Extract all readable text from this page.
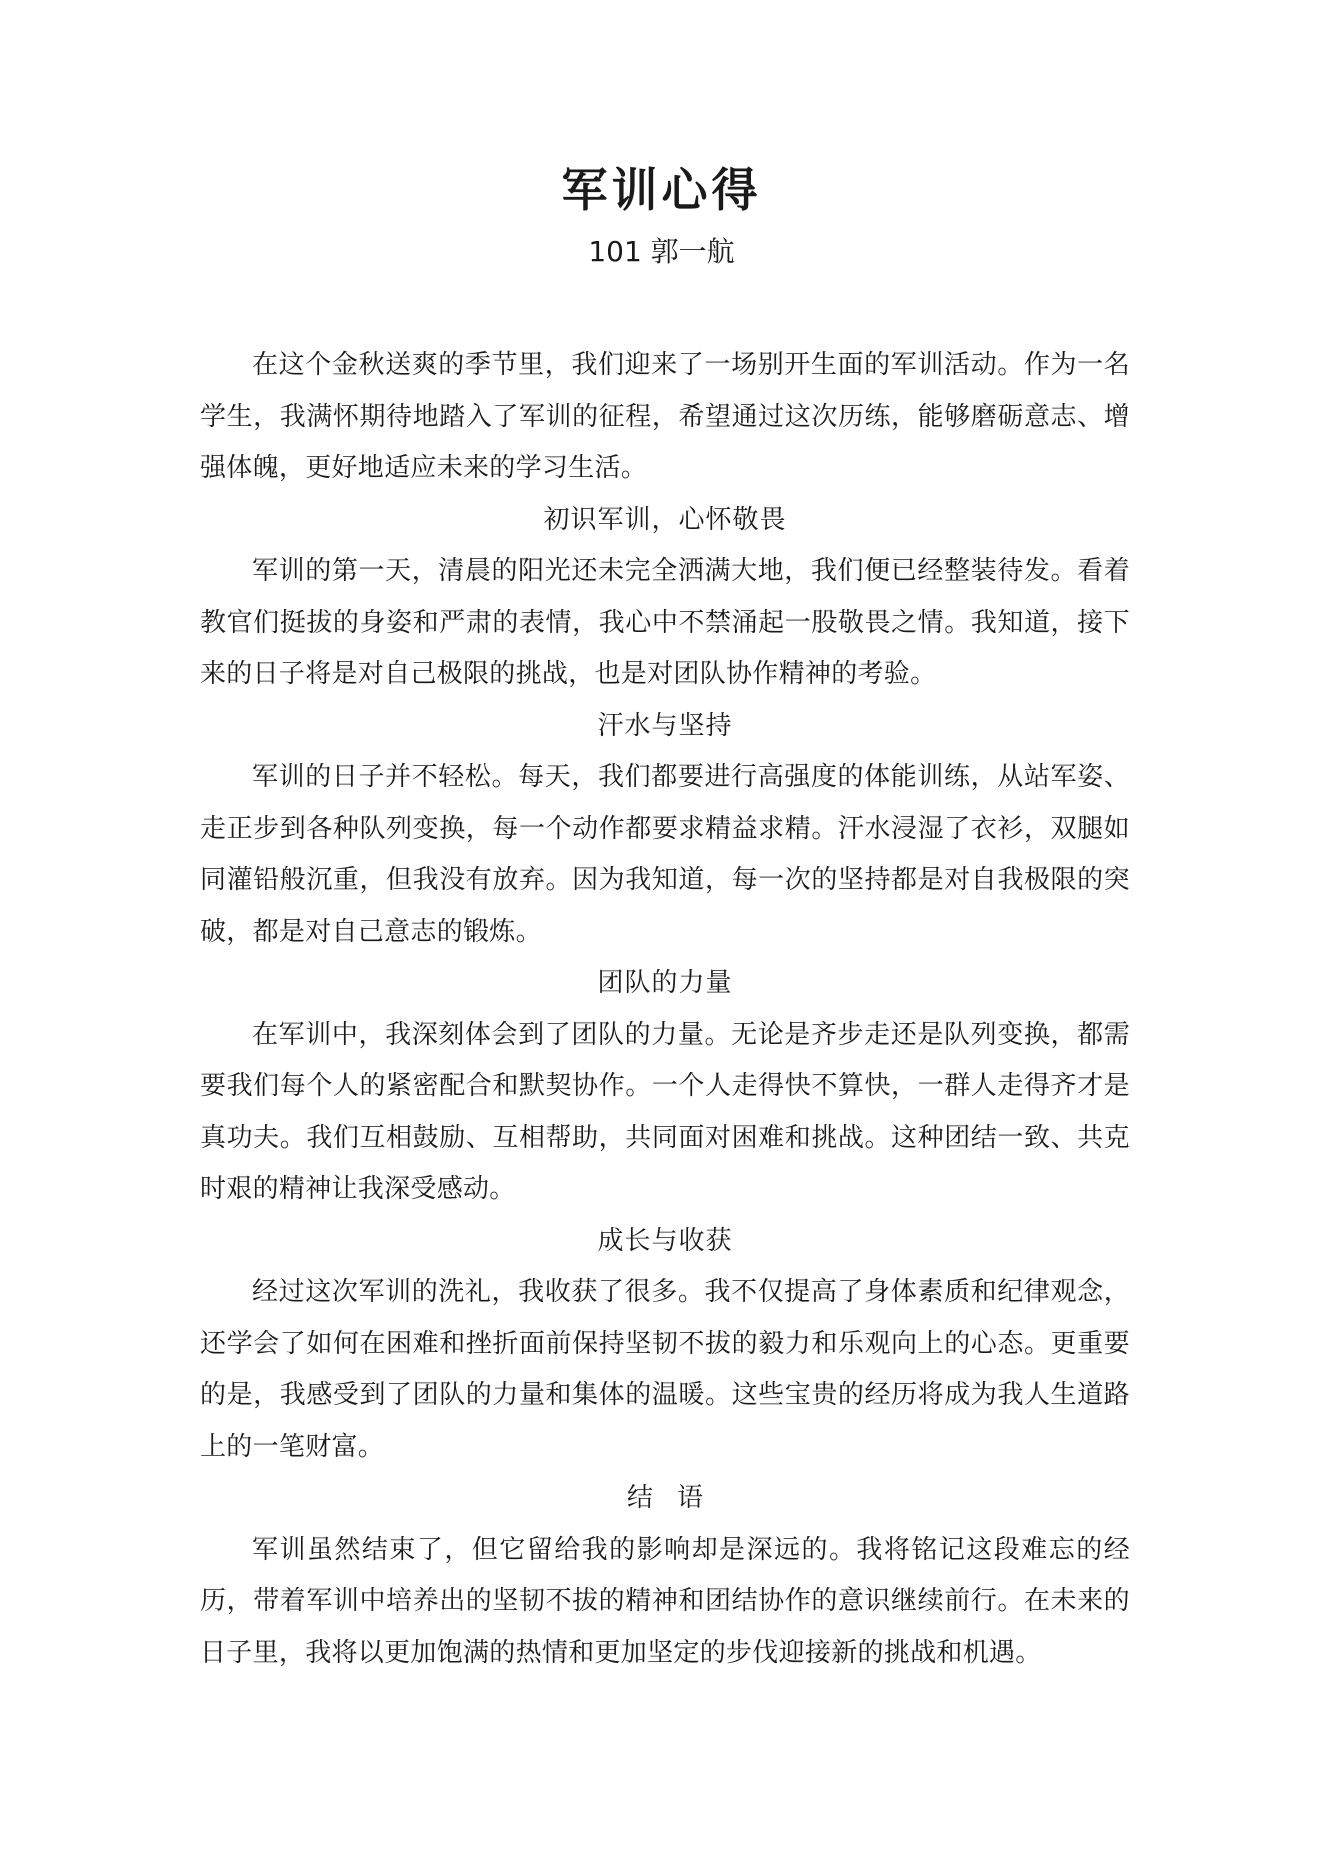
军训心得

101 郭一航

在这个金秋送爽的季节里，我们迎来了一场别开生面的军训活动。作为一名学生，我满怀期待地踏入了军训的征程，希望通过这次历练，能够磨砺意志、增强体魄，更好地适应未来的学习生活。

初识军训，心怀敬畏

军训的第一天，清晨的阳光还未完全洒满大地，我们便已经整装待发。看着教官们挺拔的身姿和严肃的表情，我心中不禁涌起一股敬畏之情。我知道，接下来的日子将是对自己极限的挑战，也是对团队协作精神的考验。

汗水与坚持

军训的日子并不轻松。每天，我们都要进行高强度的体能训练，从站军姿、走正步到各种队列变换，每一个动作都要求精益求精。汗水浸湿了衣衫，双腿如同灌铅般沉重，但我没有放弃。因为我知道，每一次的坚持都是对自我极限的突破，都是对自己意志的锻炼。

团队的力量

在军训中，我深刻体会到了团队的力量。无论是齐步走还是队列变换，都需要我们每个人的紧密配合和默契协作。一个人走得快不算快，一群人走得齐才是真功夫。我们互相鼓励、互相帮助，共同面对困难和挑战。这种团结一致、共克时艰的精神让我深受感动。

成长与收获

经过这次军训的洗礼，我收获了很多。我不仅提高了身体素质和纪律观念，还学会了如何在困难和挫折面前保持坚韧不拔的毅力和乐观向上的心态。更重要的是，我感受到了团队的力量和集体的温暖。这些宝贵的经历将成为我人生道路上的一笔财富。

结语

军训虽然结束了，但它留给我的影响却是深远的。我将铭记这段难忘的经历，带着军训中培养出的坚韧不拔的精神和团结协作的意识继续前行。在未来的日子里，我将以更加饱满的热情和更加坚定的步伐迎接新的挑战和机遇。
